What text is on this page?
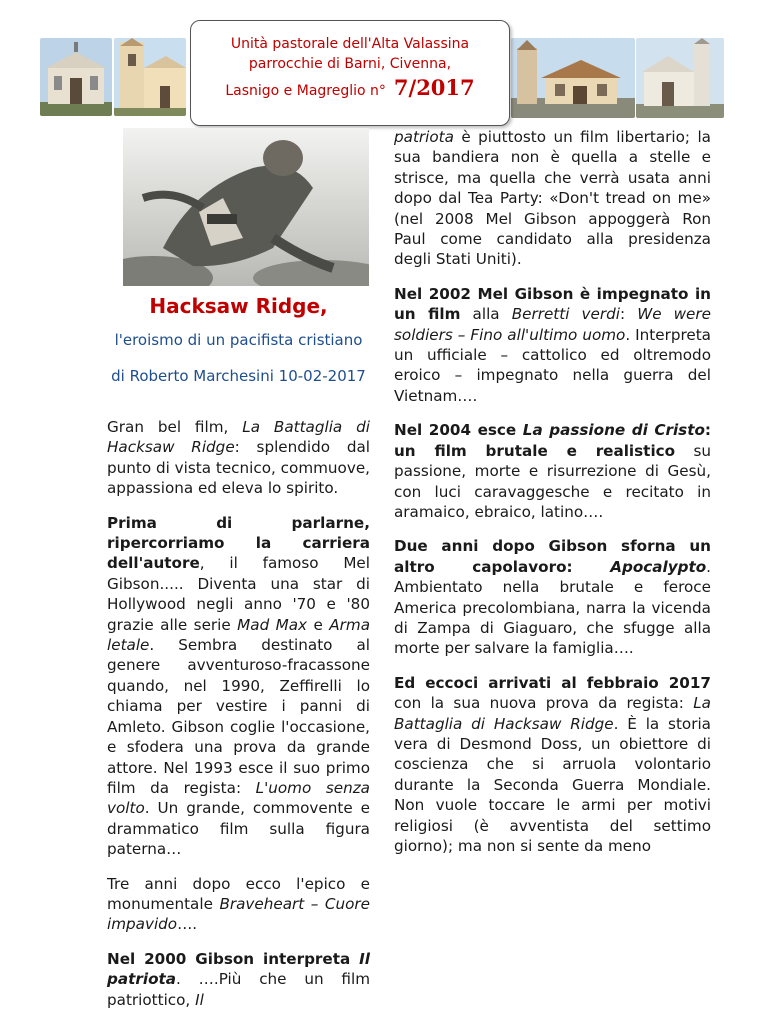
Unità pastorale dell'Alta Valassina
parrocchie di Barni, Civenna,
Lasnigo e Magreglio n° 7/2017
Hacksaw Ridge,
l'eroismo di un pacifista cristiano
di Roberto Marchesini 10-02-2017

Gran bel film, La Battaglia di Hacksaw Ridge: splendido dal punto di vista tecnico, commuove, appassiona ed eleva lo spirito.

Prima di parlarne, ripercorriamo la carriera dell'autore, il famoso Mel Gibson..... Diventa una star di Hollywood negli anno '70 e '80 grazie alle serie Mad Max e Arma letale. Sembra destinato al genere avventuroso-fracassone quando, nel 1990, Zeffirelli lo chiama per vestire i panni di Amleto. Gibson coglie l'occasione, e sfodera una prova da grande attore. Nel 1993 esce il suo primo film da regista: L'uomo senza volto. Un grande, commovente e drammatico film sulla figura paterna…

Tre anni dopo ecco l'epico e monumentale Braveheart – Cuore impavido….

Nel 2000 Gibson interpreta Il patriota. ….Più che un film patriottico, Il

patriota è piuttosto un film libertario; la sua bandiera non è quella a stelle e strisce, ma quella che verrà usata anni dopo dal Tea Party: «Don't tread on me» (nel 2008 Mel Gibson appoggerà Ron Paul come candidato alla presidenza degli Stati Uniti).

Nel 2002 Mel Gibson è impegnato in un film alla Berretti verdi: We were soldiers – Fino all'ultimo uomo. Interpreta un ufficiale – cattolico ed oltremodo eroico – impegnato nella guerra del Vietnam….

Nel 2004 esce La passione di Cristo: un film brutale e realistico su passione, morte e risurrezione di Gesù, con luci caravaggesche e recitato in aramaico, ebraico, latino….

Due anni dopo Gibson sforna un altro capolavoro: Apocalypto. Ambientato nella brutale e feroce America precolombiana, narra la vicenda di Zampa di Giaguaro, che sfugge alla morte per salvare la famiglia….

Ed eccoci arrivati al febbraio 2017 con la sua nuova prova da regista: La Battaglia di Hacksaw Ridge. È la storia vera di Desmond Doss, un obiettore di coscienza che si arruola volontario durante la Seconda Guerra Mondiale. Non vuole toccare le armi per motivi religiosi (è avventista del settimo giorno); ma non si sente da meno
